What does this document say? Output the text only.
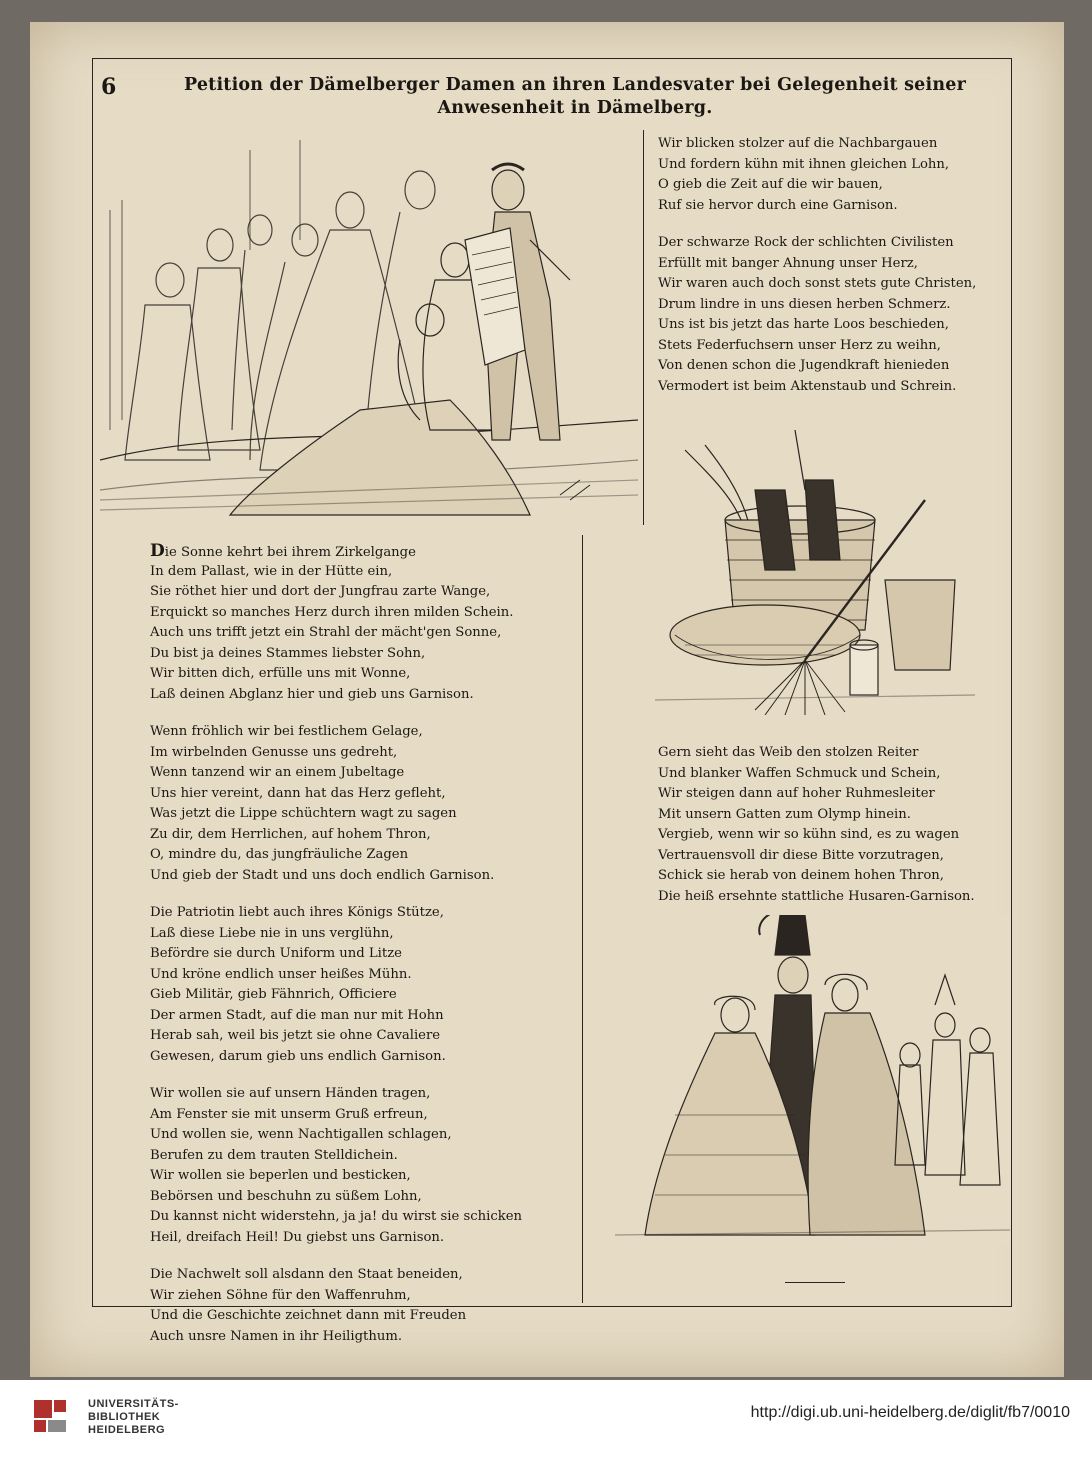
6	Petition der Dämelberger Damen an ihren Landesvater bei Gelegenheit seiner
Anwesenheit in Dämelberg.
Wir blicken stolzer auf die Nachbargauen
Und fordern kühn mit ihnen gleichen Lohn,
O gieb die Zeit auf die wir bauen,
Ruf sie hervor durch eine Garnison.
Der schwarze Rock der schlichten Civilisten
Erfüllt mit banger Ahnung unser Herz,
Wir waren auch doch sonst stets gute Christen,
Drum lindre in uns diesen herben Schmerz.
Uns ist bis jetzt das harte Loos beschieden,
Stets Federfuchsern unser Herz zu weihn,
Von denen schon die Jugendkraft hienieden
Vermodert ist beim Aktenstaub und Schrein.
Gern sieht das Weib den stolzen Reiter
Und blanker Waffen Schmuck und Schein,
Wir steigen dann auf hoher Ruhmesleiter
Mit unsern Gatten zum Olymp hinein.
Vergieb, wenn wir so kühn sind, es zu wagen
Vertrauensvoll dir diese Bitte vorzutragen,
Schick sie herab von deinem hohen Thron,
Die heiß ersehnte stattliche Husaren-Garnison.
Die Sonne kehrt bei ihrem Zirkelgange
In dem Pallast, wie in der Hütte ein,
Sie röthet hier und dort der Jungfrau zarte Wange,
Erquickt so manches Herz durch ihren milden Schein.
Auch uns trifft jetzt ein Strahl der mächt'gen Sonne,
Du bist ja deines Stammes liebster Sohn,
Wir bitten dich, erfülle uns mit Wonne,
Laß deinen Abglanz hier und gieb uns Garnison.
Wenn fröhlich wir bei festlichem Gelage,
Im wirbelnden Genusse uns gedreht,
Wenn tanzend wir an einem Jubeltage
Uns hier vereint, dann hat das Herz gefleht,
Was jetzt die Lippe schüchtern wagt zu sagen
Zu dir, dem Herrlichen, auf hohem Thron,
O, mindre du, das jungfräuliche Zagen
Und gieb der Stadt und uns doch endlich Garnison.
Die Patriotin liebt auch ihres Königs Stütze,
Laß diese Liebe nie in uns verglühn,
Befördre sie durch Uniform und Litze
Und kröne endlich unser heißes Mühn.
Gieb Militär, gieb Fähnrich, Officiere
Der armen Stadt, auf die man nur mit Hohn
Herab sah, weil bis jetzt sie ohne Cavaliere
Gewesen, darum gieb uns endlich Garnison.
Wir wollen sie auf unsern Händen tragen,
Am Fenster sie mit unserm Gruß erfreun,
Und wollen sie, wenn Nachtigallen schlagen,
Berufen zu dem trauten Stelldichein.
Wir wollen sie beperlen und besticken,
Bebörsen und beschuhn zu süßem Lohn,
Du kannst nicht widerstehn, ja ja! du wirst sie schicken
Heil, dreifach Heil! Du giebst uns Garnison.
Die Nachwelt soll alsdann den Staat beneiden,
Wir ziehen Söhne für den Waffenruhm,
Und die Geschichte zeichnet dann mit Freuden
Auch unsre Namen in ihr Heiligthum.
UNIVERSITÄTS-
BIBLIOTHEK
HEIDELBERG
http://digi.ub.uni-heidelberg.de/diglit/fb7/0010
